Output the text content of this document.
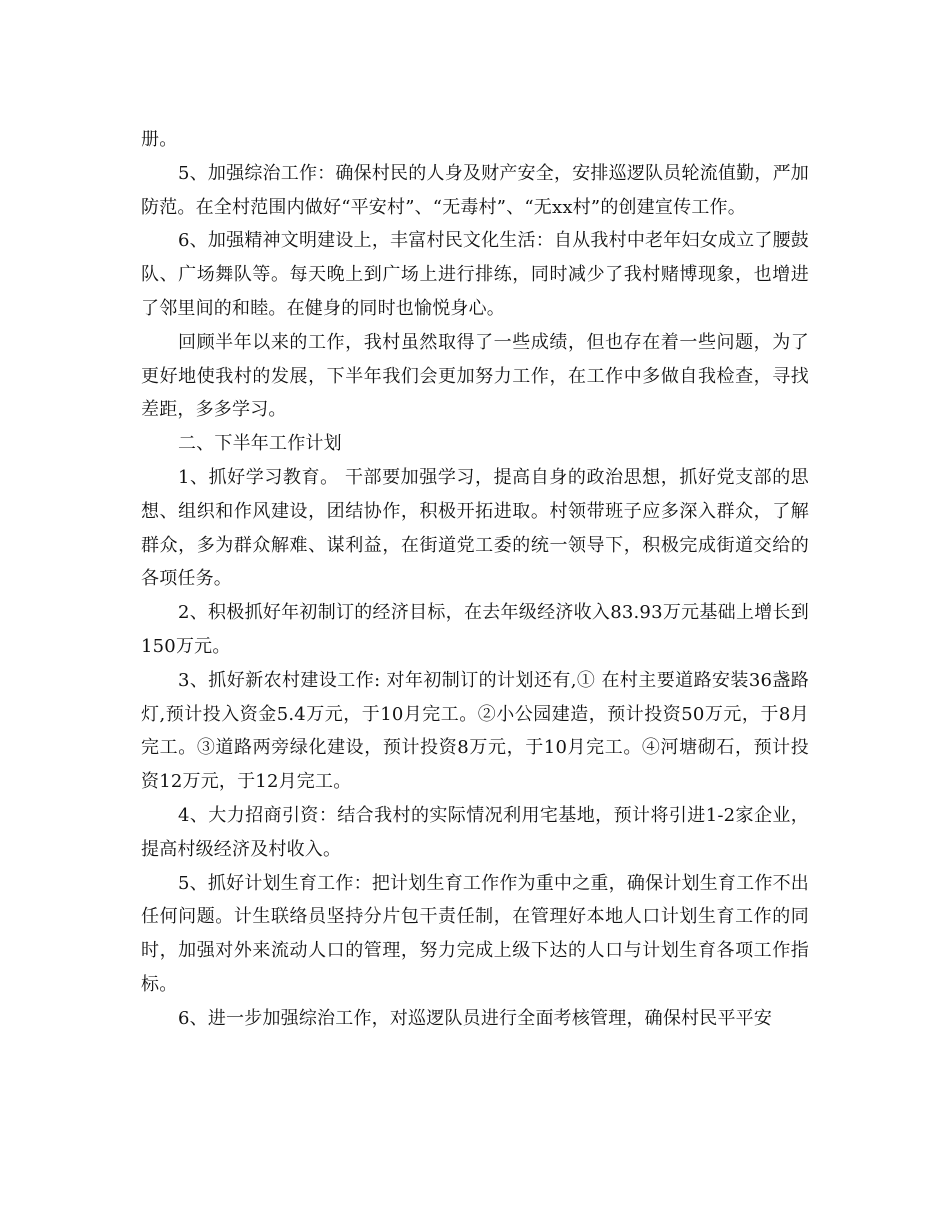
册。

5、加强综治工作：确保村民的人身及财产安全，安排巡逻队员轮流值勤，严加防范。在全村范围内做好“平安村”、“无毒村”、“无xx村”的创建宣传工作。

6、加强精神文明建设上，丰富村民文化生活：自从我村中老年妇女成立了腰鼓队、广场舞队等。每天晚上到广场上进行排练，同时减少了我村赌博现象，也增进了邻里间的和睦。在健身的同时也愉悦身心。

回顾半年以来的工作，我村虽然取得了一些成绩，但也存在着一些问题，为了更好地使我村的发展，下半年我们会更加努力工作，在工作中多做自我检查，寻找差距，多多学习。

二、下半年工作计划

1、抓好学习教育。 干部要加强学习，提高自身的政治思想，抓好党支部的思想、组织和作风建设，团结协作，积极开拓进取。村领带班子应多深入群众，了解群众，多为群众解难、谋利益，在街道党工委的统一领导下，积极完成街道交给的各项任务。

2、积极抓好年初制订的经济目标，在去年级经济收入83.93万元基础上增长到150万元。

3、抓好新农村建设工作: 对年初制订的计划还有,① 在村主要道路安装36盏路灯,预计投入资金5.4万元，于10月完工。②小公园建造，预计投资50万元，于8月完工。③道路两旁绿化建设，预计投资8万元，于10月完工。④河塘砌石，预计投资12万元，于12月完工。

4、大力招商引资：结合我村的实际情况利用宅基地，预计将引进1-2家企业，提高村级经济及村收入。

5、抓好计划生育工作：把计划生育工作作为重中之重，确保计划生育工作不出任何问题。计生联络员坚持分片包干责任制，在管理好本地人口计划生育工作的同时，加强对外来流动人口的管理，努力完成上级下达的人口与计划生育各项工作指标。

6、进一步加强综治工作，对巡逻队员进行全面考核管理，确保村民平平安
